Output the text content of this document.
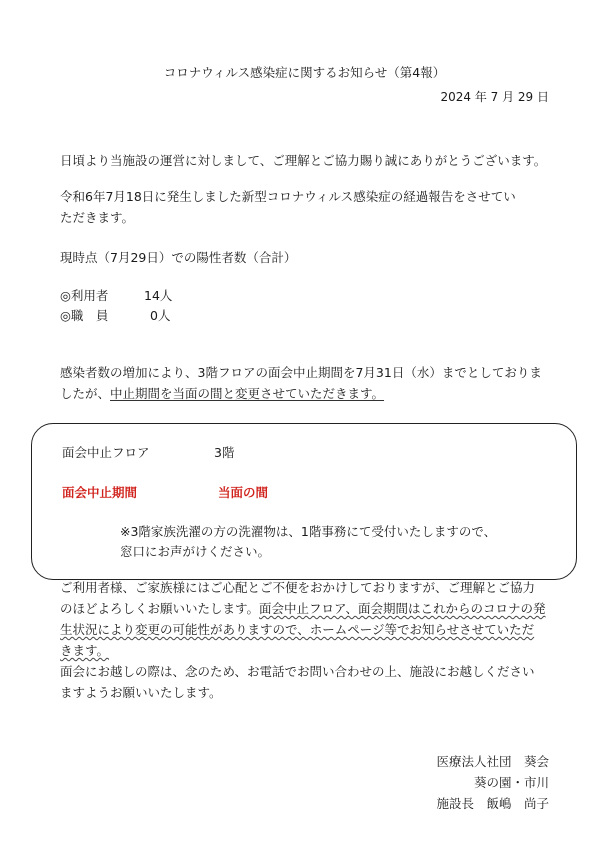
コロナウィルス感染症に関するお知らせ（第4報）
2024 年 7 月 29 日
日頃より当施設の運営に対しまして、ご理解とご協力賜り誠にありがとうございます。
令和6年7月18日に発生しました新型コロナウィルス感染症の経過報告をさせてい
ただきます。
現時点（7月29日）での陽性者数（合計）
◎利用者	14人
◎職　員	0人
感染者数の増加により、3階フロアの面会中止期間を7月31日（水）までとしておりま
したが、中止期間を当面の間と変更させていただきます。
面会中止フロア	3階
面会中止期間	当面の間
※3階家族洗濯の方の洗濯物は、1階事務にて受付いたしますので、
窓口にお声がけください。
ご利用者様、ご家族様にはご心配とご不便をおかけしておりますが、ご理解とご協力
のほどよろしくお願いいたします。面会中止フロア、面会期間はこれからのコロナの発
生状況により変更の可能性がありますので、ホームページ等でお知らせさせていただ
きます。
面会にお越しの際は、念のため、お電話でお問い合わせの上、施設にお越しください
ますようお願いいたします。
医療法人社団　葵会
葵の園・市川
施設長　飯嶋　尚子
